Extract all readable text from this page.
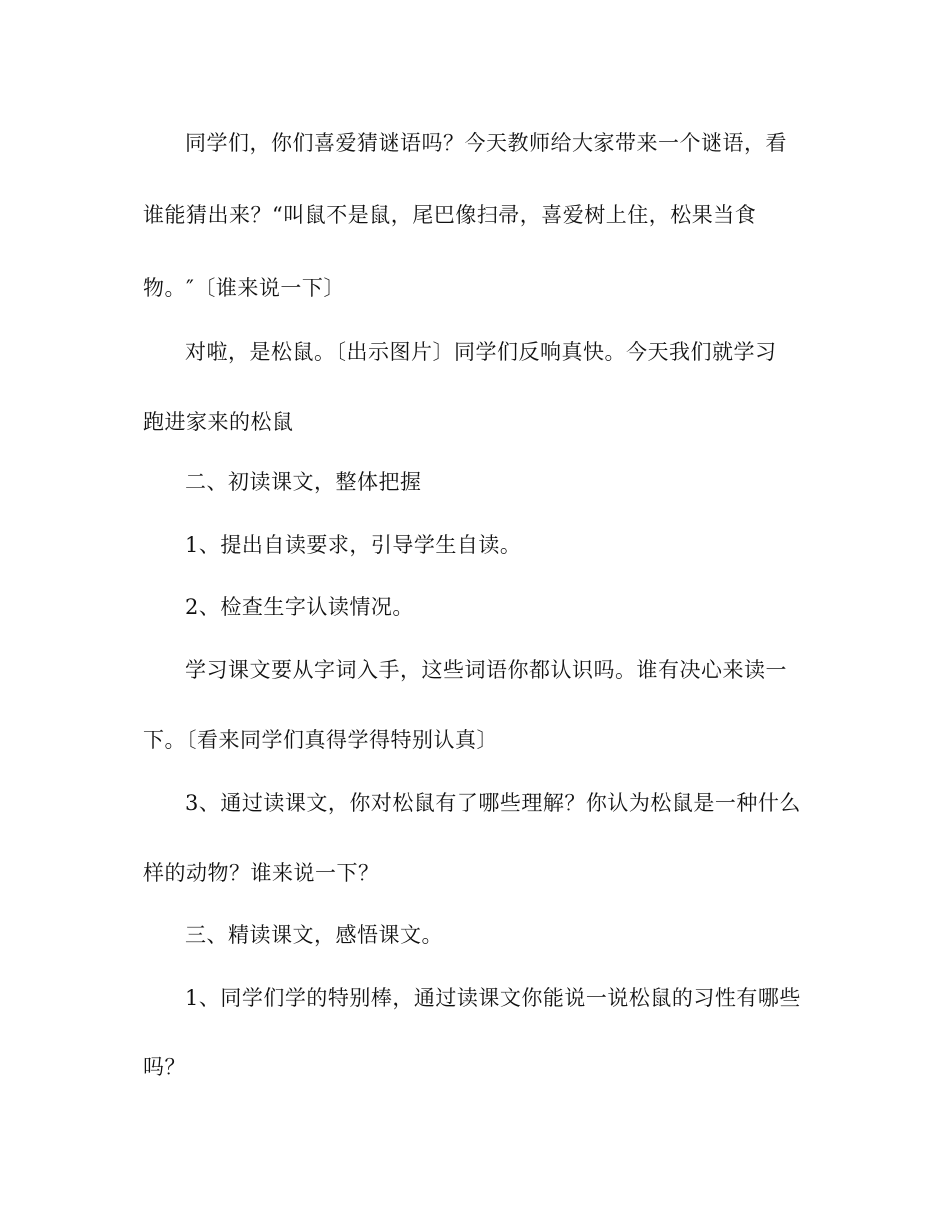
同学们，你们喜爱猜谜语吗？今天教师给大家带来一个谜语，看
谁能猜出来？“叫鼠不是鼠，尾巴像扫帚，喜爱树上住，松果当食
物。″〔谁来说一下〕
对啦，是松鼠。〔出示图片〕同学们反响真快。今天我们就学习
跑进家来的松鼠
二、初读课文，整体把握
1、提出自读要求，引导学生自读。
2、检查生字认读情况。
学习课文要从字词入手，这些词语你都认识吗。谁有决心来读一
下。〔看来同学们真得学得特别认真〕
3、通过读课文，你对松鼠有了哪些理解？你认为松鼠是一种什么
样的动物？谁来说一下？
三、精读课文，感悟课文。
1、同学们学的特别棒，通过读课文你能说一说松鼠的习性有哪些
吗？
